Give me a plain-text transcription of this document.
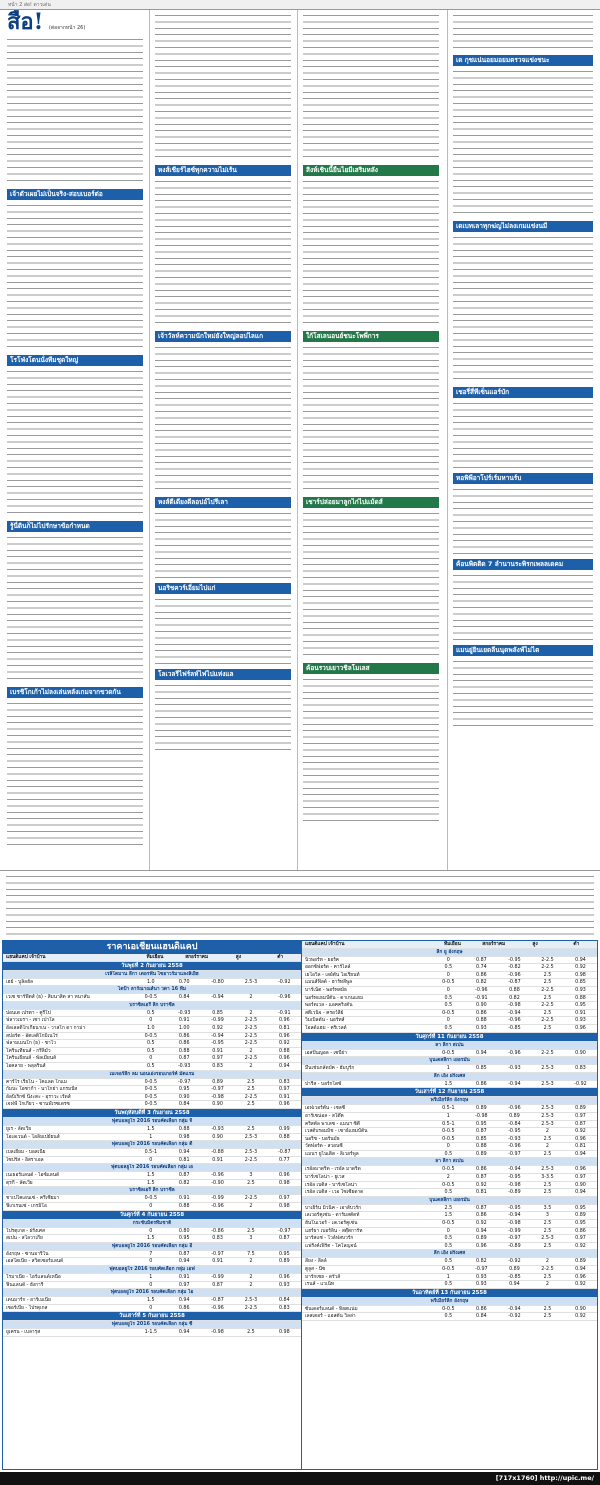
หน้า 2 ส่อ! ดาวเด่น
สื่อ! (ต่อจากหน้า 26)
เจ้าตัวเผยไม่เป็นจริง-สอบเบอร์ต่อ
โรโฟ่งโตนนั่งทีมชุดใหญ่
รู้นี่ดินก็ไม่ไปรักษาข้อกำหนด
เบรชิโกเก้าไม่ลงเล่นหลังเกมจากขวดกัน
หงส์เชียร์ไฮซ์ทุกความไม่เร้น
เจ้าวัลห์ความนักใหม่ยังใหญ่ลอปไลแก
หงส์ตีเดียงตีลอปอ์ไปรีเลา
นอริชควร์เอี่ยมไปแก่
โลเวลรีไฟร์ลห์ไฟไปแห่งแล
สิงห์เชินนี้ยืนไยมีเสริมหลัง
ใก้โสเลนอนย์ชนะโพพี่การ
เชาร์ปล่อยมาลูกไก่ไปแม้ดส์
ค้อนรวบเยาวชิลโมเลส
เด กุชแน่นอยมอยมตรวจแข่งชนะ
เดเบทเลาทุกฆ่ญไม่ลงเกมแข่งนมี
เชอรี่สี่ทีเซ็นแอร์บัก
หอพิพีอาโปร์เร์มหานร์บ
ค้อนพิตติด 7 ลำนานระพิรกเพลลเดคม
แมนยู่ยินเยดลีนนุดพลังฟ์ไม่ไต
ราคาเอเชียนแฮนดิแคป
แฮนดิแคป เจ้าบ้าน	ทีมเยือน	สกอร์ราคม	สูง	ต่ำ
วันพุธที่ 2 กันยายน 2558
เรสิโดมาน ลีกา เตอรฟั่น ไซอาวร์มาแลงลิเย็ฮ
เฮย์ - บูลิลฮ์ล	1.0	0.70	-0.80	2.5-3	-0.92
ไดป้า ลาร์ณาณส์นา วดา 16 ทีม
เวเซ ซาร์ฟีตส์ (ธ) - สิ่มนาสิต สา หนาสัน	0-0.5	0.84	-0.94	2	-0.96
บราซิลเอรี่ ลีก บราซีล
ปอนเต เปรตา - คูรีโป	0.5	-0.93	0.85	2	-0.91
ฟลาวเมรา - เซา เปาโล	0	0.91	-0.99	2-2.5	0.96
อัลเลลติโกเกียนาเน - วาสโก ดา กาม่า	1.0	1.00	0.92	2-2.5	0.81
สปอร์ต - อัตเลติโกมิเนโร่	0-0.5	0.86	-0.94	2-2.5	0.96
ฟลามเมนโก (ธ) - ชาโว	0.5	0.86	-0.95	2-2.5	0.92
โคริ้นเทียนส์ - กรีลิมัว	0.5	0.88	0.91	2	0.88
โครินเธียนส์ - พัลเมียนส์	0	0.87	0.97	2-2.5	0.96
ไอคลาย - พลุลรินส์	0.5	-0.93	0.83	2	0.94
เมเจอร์ลีก ลม นอนเอ่งรอบเกอร์ค์ มัตแรม
คาร์โร เรียโน - โคแลด โกแม	0-0.5	-0.97	0.89	2.5	0.83
กัมบะ โอซาก้า - นาโกย่า แกรมปัส	0-0.5	0.95	-0.97	2.5	0.97
อัลบิเร็กซ์ นีงะตะ - อุราวะ เร้ดส์	0-0.5	0.90	-0.98	2-2.5	0.91
เจฟฟ์ โกเกียว - ซานฟ์เรซเดรซ	0-0.5	0.84	0.90	2.5	0.96
วันพฤหัสบดีที่ 3 กันยายน 2558
ฟุตบอลยูโร 2016 รอบคัดเลือก กลุ่ม จี
ยูเร - ลัตเวีย	1.5	0.88	-0.93	2.5	0.99
โอเลเวนด์ - โอลิมเปย์ยนส์	1	0.98	0.90	2.5-3	0.88
ฟุตบอลยูโร 2016 รอบคัดเลือก กลุ่ม ดี
เบลเยี่ยม - บอสเนีย	0.5-1	0.94	-0.88	2.5-3	-0.87
ไซปรัส - อิสราเอล	0	0.81	0.91	2-2.5	0.77
ฟุตบอลยูโร 2016 รอบคัดเลือก กลุ่ม เอ
เนเธอร์แลนด์ - ไอซ์แลนด์	1.5	0.87	-0.96	3	0.96
ตุรกี - ลัตเวีย	1.5	0.82	-0.90	2.5	0.98
บราซิลเอรี่ ลีก บราซีล
ชาเปโคเอนเซ่ - ครีเซียมา	0-0.5	0.91	-0.99	2-2.5	0.97
ฟิเกเรนเซ่ - เกรมิโอ	0	0.88	-0.96	2	0.98
วันศุกร์ที่ 4 กันยายน 2558
กระชับมิตรทีมชาติ
โปรตุเกส - ฝรั่งเศส	0	0.80	-0.86	2.5	-0.97
สเปน - สโลวาเกีย	1.5	0.95	0.83	3	0.87
ฟุตบอลยูโร 2016 รอบคัดเลือก กลุ่ม อี
อังกฤษ - ซานมาริโน	7	0.87	-0.97	7.5	0.95
เอสโตเนีย - สวิตเซอร์แลนด์	0	0.94	0.91	2	0.89
ฟุตบอลยูโร 2016 รอบคัดเลือก กลุ่ม เอฟ
โรมาเนีย - ไอร์แลนด์เหนือ	1	0.91	-0.99	2	0.96
ฟินแลนด์ - ฮังการี	0	0.97	0.87	2	0.93
ฟุตบอลยูโร 2016 รอบคัดเลือก กลุ่ม ไอ
เดนมาร์ก - อาร์เมเนีย	1.5	0.94	-0.87	2.5-3	0.84
เซอร์เบีย - โปรตุเกส	0	0.86	-0.96	2-2.5	0.83
วันเสาร์ที่ 5 กันยายน 2558
ฟุตบอลยูโร 2016 รอบคัดเลือก กลุ่ม ซี
ยูเครน - เบลารุส	1-1.5	0.94	-0.98	2.5	0.98
แฮนดิแคป เจ้าบ้าน	ทีมเยือน	สกอร์ราคม	สูง	ต่ำ
ลีก ยู อังกฤษ
นิวพอร์ท - ยอร์ค	0	0.87	-0.95	2-2.5	0.94
ออกซ์ฟอร์ด - คาร์ไลล์	0.5	0.74	-0.82	2-2.5	0.92
เยโอวิล - เลย์ตัน โอเรียนท์	0	0.86	-0.96	2.5	0.98
แมนส์ฟิลด์ - ฮาร์ทลีพูล	0-0.5	0.82	-0.87	2.5	0.85
บาร์เน็ต - พอร์ทสมัธ	0	-0.96	0.88	2-2.5	0.93
นอร์ทแธมป์ตัน - ดาเกนแฮม	0.5	-0.91	0.82	2.5	0.88
พอร์ตเวล - แอคคริงตัน	0.5	0.90	-0.98	2-2.5	0.95
สตีเวนิจ - ครอว์ลี่ย์	0-0.5	0.86	-0.94	2.5	0.91
วิมเบิลดัน - นอร์ทส์	0	0.88	-0.96	2-2.5	0.93
โอลด์แฮม - คริเวลด์	0.5	0.93	-0.85	2.5	0.96
วันศุกร์ที่ 11 กันยายน 2558
ลา ลีกา สเปน
เอสปันญอล - เซบีย่า	0-0.5	0.94	-0.96	2-2.5	0.90
บุนเดสลีกา เยอรมัน
มึนเช่นกลัดบัค - ฮัมบูร์ก	1	0.85	-0.93	2.5-3	0.83
ลีก เอิง ฝรั่งเศส
ปารีส - บอร์กโดซ์	1.5	0.86	-0.94	2.5-3	-0.92
วันเสาร์ที่ 12 กันยายน 2558
พรีเมียร์ลีก อังกฤษ
เอฟเวอร์ตัน - เชลซี	0.5-1	0.89	-0.96	2.5-3	0.89
อาร์เซน่อล - สโต๊ค	1	-0.98	0.89	2.5-3	0.97
คริสตัล พาเลซ - แมนฯ ซิตี้	0.5-1	0.95	-0.84	2.5-3	0.87
เวสต์บรอมมิช - เซาธ์แฮมป์ตัน	0-0.5	0.87	-0.95	2	0.92
นอริช - บอร์นมัธ	0-0.5	0.85	-0.93	2.5	0.96
วัตฟอร์ด - สวอนซี	0	0.88	-0.96	2	0.81
แมนฯ ยูไนเต็ด - ลิเวอร์พูล	0.5	0.89	-0.97	2.5	0.94
ลา ลีกา สเปน
เรอัลมาดริด - เรอัล มาดริด	0-0.5	0.86	-0.94	2.5-3	0.96
บาร์เซโลน่า - ยูเวส	2	0.87	-0.95	3-3.5	0.97
เรอัล เบติส - บาร์เซโลน่า	0-0.5	0.92	-0.98	2.5	0.90
เรอัล เบติส - เวอ โซเซียดาด	0.5	0.81	-0.89	2.5	0.94
บุนเดสลีกา เยอรมัน
บาเยิร์น มิวนิค - เอาส์บวร์ก	2.5	0.87	-0.95	3.5	0.95
เลเวอร์คูเซ่น - ดาร์มสตัดท์	1.5	0.86	-0.94	3	0.89
ฮันโนเวอร์ - เลเวอร์คูเซ่น	0-0.5	0.92	-0.98	2.5	0.95
แฮร์ธา เบอร์ลิน - สตุ๊ตการ์ท	0	0.94	-0.99	2.5	0.86
มาร์สแซ่ - โวล์ฟสบวร์ก	0.5	0.89	-0.97	2.5-3	0.97
แฟร้งค์เฟิร์ต - โคโลญจน์	0.5	0.96	-0.89	2.5	0.92
ลีก เอิง ฝรั่งเศส
ลียง - ลีลล์	0.5	0.82	-0.92	2	0.89
ตูลูส - นีซ	0-0.5	-0.97	0.89	2-2.5	0.94
มาร์กเซย - ตรัวส์	1	0.93	-0.85	2.5	0.96
เรนส์ - แวเน็ท	0.5	0.93	0.94	2	0.92
วันอาทิตย์ที่ 13 กันยายน 2558
พรีเมียร์ลีก อังกฤษ
ซันเดอร์แลนด์ - ท็อตแน่ม	0-0.5	0.86	-0.94	2.5	0.90
เลสเตอร์ - แอสตัน วิลล่า	0.5	0.84	-0.92	2.5	0.92
[717x1760] http://upic.me/
